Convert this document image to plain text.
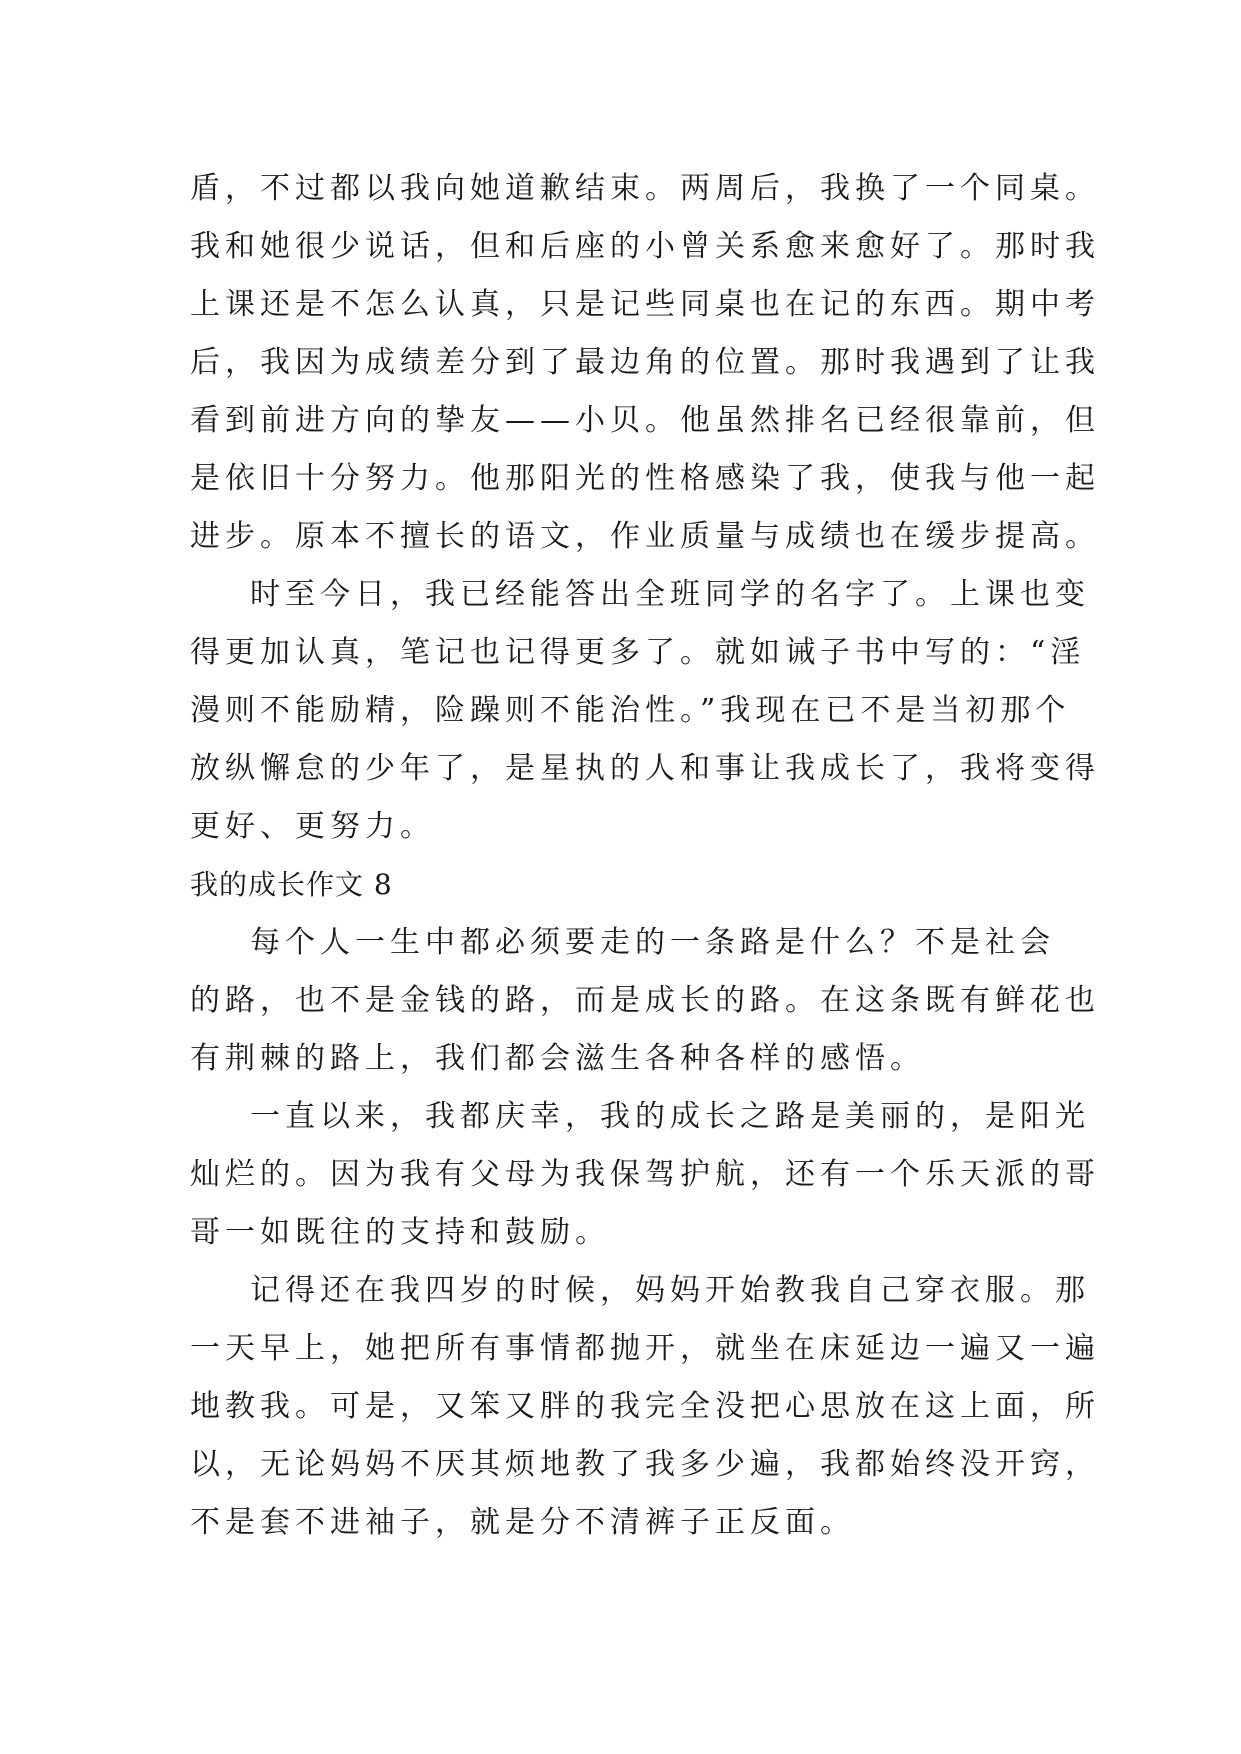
盾，不过都以我向她道歉结束。两周后，我换了一个同桌。
我和她很少说话，但和后座的小曾关系愈来愈好了。那时我
上课还是不怎么认真，只是记些同桌也在记的东西。期中考
后，我因为成绩差分到了最边角的位置。那时我遇到了让我
看到前进方向的挚友——小贝。他虽然排名已经很靠前，但
是依旧十分努力。他那阳光的性格感染了我，使我与他一起
进步。原本不擅长的语文，作业质量与成绩也在缓步提高。
时至今日，我已经能答出全班同学的名字了。上课也变
得更加认真，笔记也记得更多了。就如诫子书中写的：“淫
漫则不能励精，险躁则不能治性。”我现在已不是当初那个
放纵懈怠的少年了，是星执的人和事让我成长了，我将变得
更好、更努力。
我的成长作文 8
每个人一生中都必须要走的一条路是什么？不是社会
的路，也不是金钱的路，而是成长的路。在这条既有鲜花也
有荆棘的路上，我们都会滋生各种各样的感悟。
一直以来，我都庆幸，我的成长之路是美丽的，是阳光
灿烂的。因为我有父母为我保驾护航，还有一个乐天派的哥
哥一如既往的支持和鼓励。
记得还在我四岁的时候，妈妈开始教我自己穿衣服。那
一天早上，她把所有事情都抛开，就坐在床延边一遍又一遍
地教我。可是，又笨又胖的我完全没把心思放在这上面，所
以，无论妈妈不厌其烦地教了我多少遍，我都始终没开窍，
不是套不进袖子，就是分不清裤子正反面。
